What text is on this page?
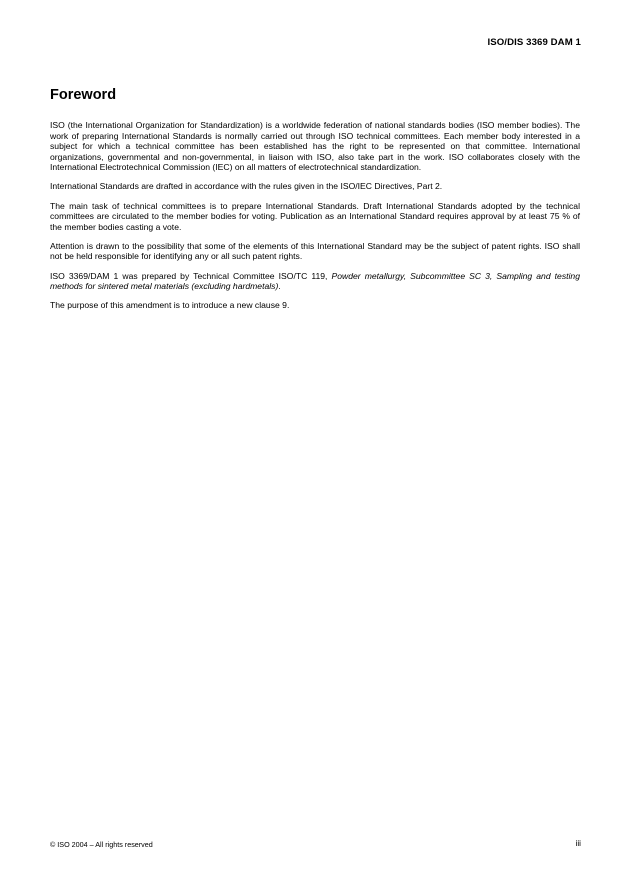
ISO/DIS 3369 DAM 1
Foreword

ISO (the International Organization for Standardization) is a worldwide federation of national standards bodies (ISO member bodies). The work of preparing International Standards is normally carried out through ISO technical committees. Each member body interested in a subject for which a technical committee has been established has the right to be represented on that committee. International organizations, governmental and non-governmental, in liaison with ISO, also take part in the work. ISO collaborates closely with the International Electrotechnical Commission (IEC) on all matters of electrotechnical standardization.

International Standards are drafted in accordance with the rules given in the ISO/IEC Directives, Part 2.

The main task of technical committees is to prepare International Standards. Draft International Standards adopted by the technical committees are circulated to the member bodies for voting. Publication as an International Standard requires approval by at least 75 % of the member bodies casting a vote.

Attention is drawn to the possibility that some of the elements of this International Standard may be the subject of patent rights. ISO shall not be held responsible for identifying any or all such patent rights.

ISO 3369/DAM 1 was prepared by Technical Committee ISO/TC 119, Powder metallurgy, Subcommittee SC 3, Sampling and testing methods for sintered metal materials (excluding hardmetals).

The purpose of this amendment is to introduce a new clause 9.

© ISO 2004 – All rights reserved	iii
